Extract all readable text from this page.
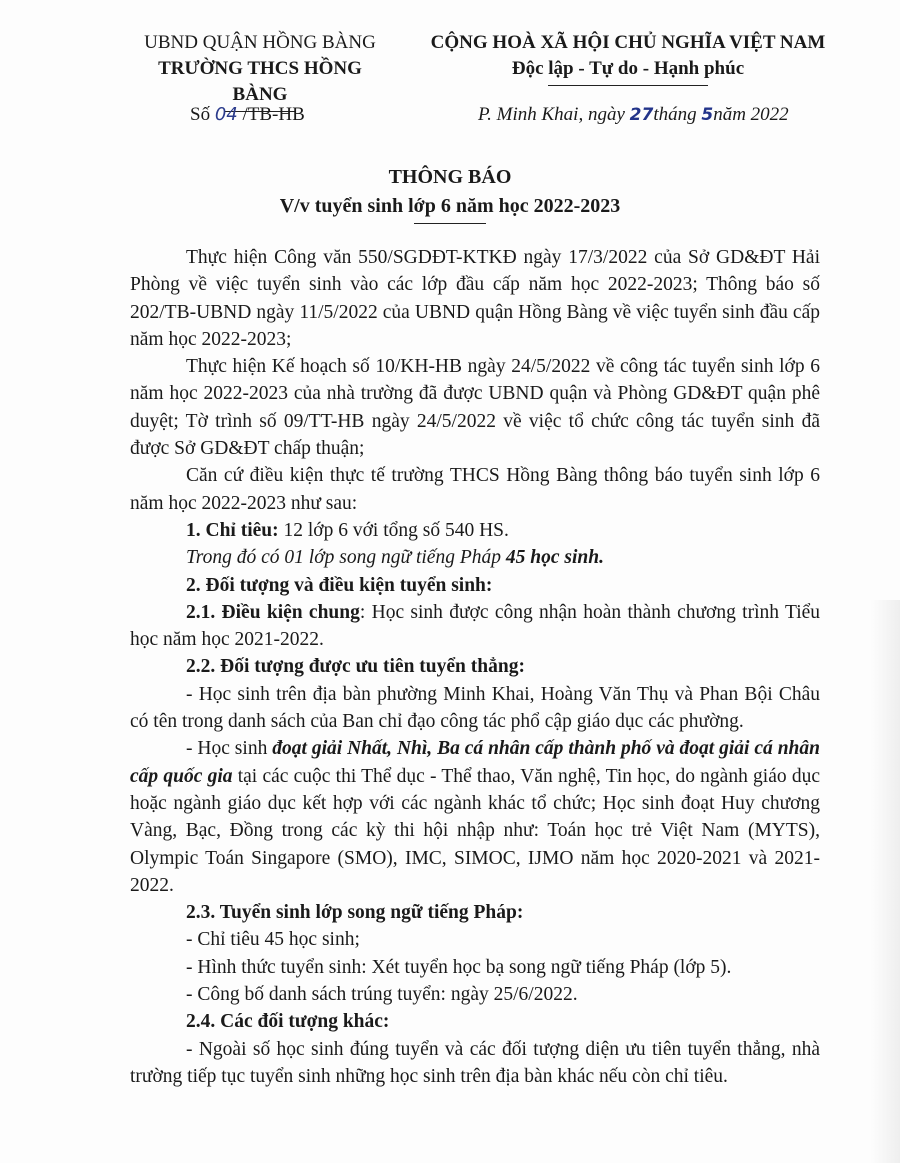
UBND QUẬN HỒNG BÀNG
TRƯỜNG THCS HỒNG BÀNG
CỘNG HOÀ XÃ HỘI CHỦ NGHĨA VIỆT NAM
Độc lập - Tự do - Hạnh phúc
Số 04 /TB-HB	P. Minh Khai, ngày 27tháng 5năm 2022
THÔNG BÁO
V/v tuyển sinh lớp 6 năm học 2022-2023

Thực hiện Công văn 550/SGDĐT-KTKĐ ngày 17/3/2022 của Sở GD&ĐT Hải Phòng về việc tuyển sinh vào các lớp đầu cấp năm học 2022-2023; Thông báo số 202/TB-UBND ngày 11/5/2022 của UBND quận Hồng Bàng về việc tuyển sinh đầu cấp năm học 2022-2023;

Thực hiện Kế hoạch số 10/KH-HB ngày 24/5/2022 về công tác tuyển sinh lớp 6 năm học 2022-2023 của nhà trường đã được UBND quận và Phòng GD&ĐT quận phê duyệt; Tờ trình số 09/TT-HB ngày 24/5/2022 về việc tổ chức công tác tuyển sinh đã được Sở GD&ĐT chấp thuận;

Căn cứ điều kiện thực tế trường THCS Hồng Bàng thông báo tuyển sinh lớp 6 năm học 2022-2023 như sau:

1. Chỉ tiêu: 12 lớp 6 với tổng số 540 HS.

Trong đó có 01 lớp song ngữ tiếng Pháp 45 học sinh.

2. Đối tượng và điều kiện tuyển sinh:

2.1. Điều kiện chung: Học sinh được công nhận hoàn thành chương trình Tiểu học năm học 2021-2022.

2.2. Đối tượng được ưu tiên tuyển thẳng:

- Học sinh trên địa bàn phường Minh Khai, Hoàng Văn Thụ và Phan Bội Châu có tên trong danh sách của Ban chỉ đạo công tác phổ cập giáo dục các phường.

- Học sinh đoạt giải Nhất, Nhì, Ba cá nhân cấp thành phố và đoạt giải cá nhân cấp quốc gia tại các cuộc thi Thể dục - Thể thao, Văn nghệ, Tin học, do ngành giáo dục hoặc ngành giáo dục kết hợp với các ngành khác tổ chức; Học sinh đoạt Huy chương Vàng, Bạc, Đồng trong các kỳ thi hội nhập như: Toán học trẻ Việt Nam (MYTS), Olympic Toán Singapore (SMO), IMC, SIMOC, IJMO năm học 2020-2021 và 2021-2022.

2.3. Tuyển sinh lớp song ngữ tiếng Pháp:

- Chỉ tiêu 45 học sinh;

- Hình thức tuyển sinh: Xét tuyển học bạ song ngữ tiếng Pháp (lớp 5).

- Công bố danh sách trúng tuyển: ngày 25/6/2022.

2.4. Các đối tượng khác:

- Ngoài số học sinh đúng tuyển và các đối tượng diện ưu tiên tuyển thẳng, nhà trường tiếp tục tuyển sinh những học sinh trên địa bàn khác nếu còn chỉ tiêu.
